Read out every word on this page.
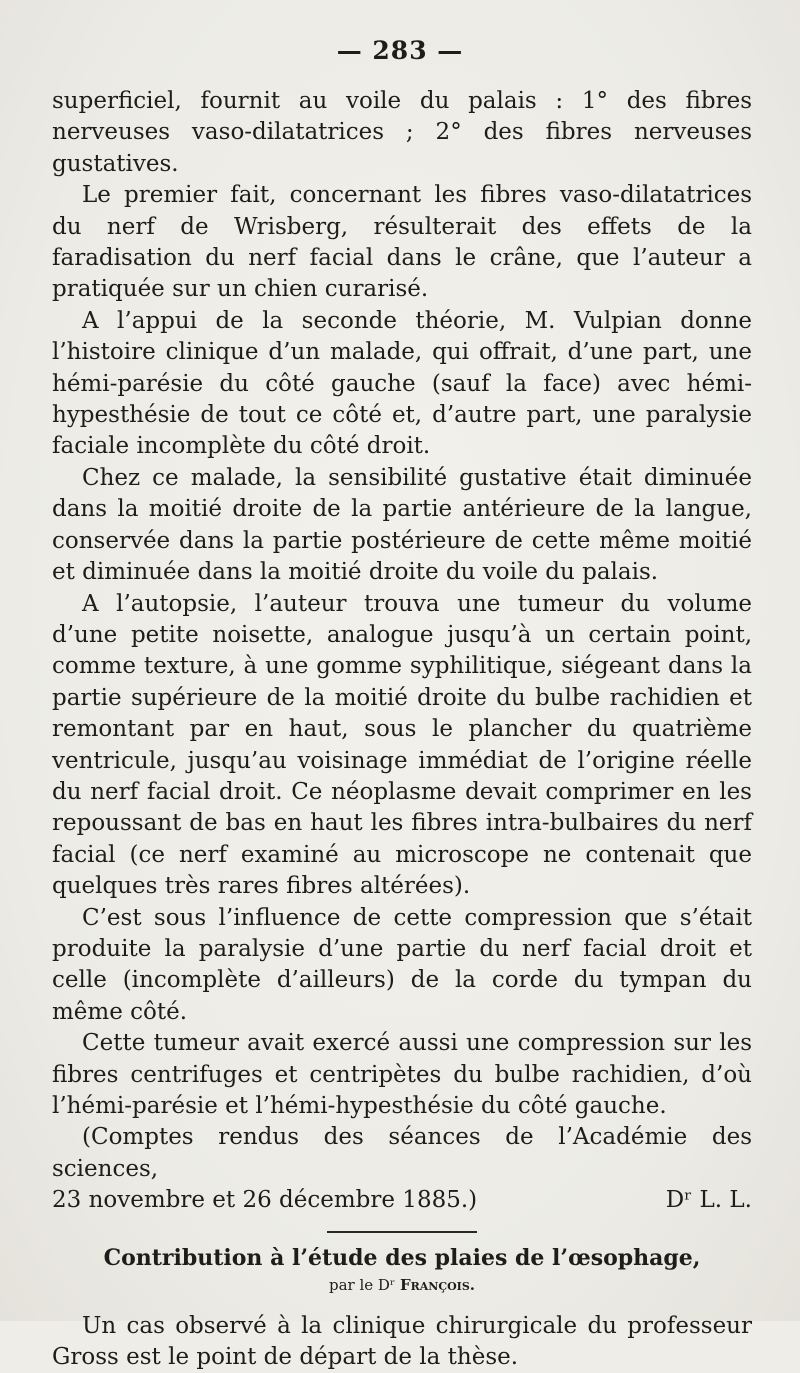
— 283 —

superficiel, fournit au voile du palais : 1° des fibres nerveuses vaso-dilatatrices ; 2° des fibres nerveuses gustatives.

Le premier fait, concernant les fibres vaso-dilatatrices du nerf de Wrisberg, résulterait des effets de la faradisation du nerf facial dans le crâne, que l’auteur a pratiquée sur un chien curarisé.

A l’appui de la seconde théorie, M. Vulpian donne l’histoire clinique d’un malade, qui offrait, d’une part, une hémi-parésie du côté gauche (sauf la face) avec hémi-hypesthésie de tout ce côté et, d’autre part, une paralysie faciale incomplète du côté droit.

Chez ce malade, la sensibilité gustative était diminuée dans la moitié droite de la partie antérieure de la langue, conservée dans la partie postérieure de cette même moitié et diminuée dans la moitié droite du voile du palais.

A l’autopsie, l’auteur trouva une tumeur du volume d’une petite noisette, analogue jusqu’à un certain point, comme texture, à une gomme syphilitique, siégeant dans la partie supérieure de la moitié droite du bulbe rachidien et remontant par en haut, sous le plancher du quatrième ventricule, jusqu’au voisinage immédiat de l’origine réelle du nerf facial droit. Ce néoplasme devait comprimer en les repoussant de bas en haut les fibres intra-bulbaires du nerf facial (ce nerf examiné au microscope ne contenait que quelques très rares fibres altérées).

C’est sous l’influence de cette compression que s’était produite la paralysie d’une partie du nerf facial droit et celle (incomplète d’ailleurs) de la corde du tympan du même côté.

Cette tumeur avait exercé aussi une compression sur les fibres centrifuges et centripètes du bulbe rachidien, d’où l’hémi-parésie et l’hémi-hypesthésie du côté gauche.

(Comptes rendus des séances de l’Académie des sciences,

23 novembre et 26 décembre 1885.)	Dʳ L. L.

Contribution à l’étude des plaies de l’œsophage,

par le Dʳ François.

Un cas observé à la clinique chirurgicale du professeur Gross est le point de départ de la thèse.
